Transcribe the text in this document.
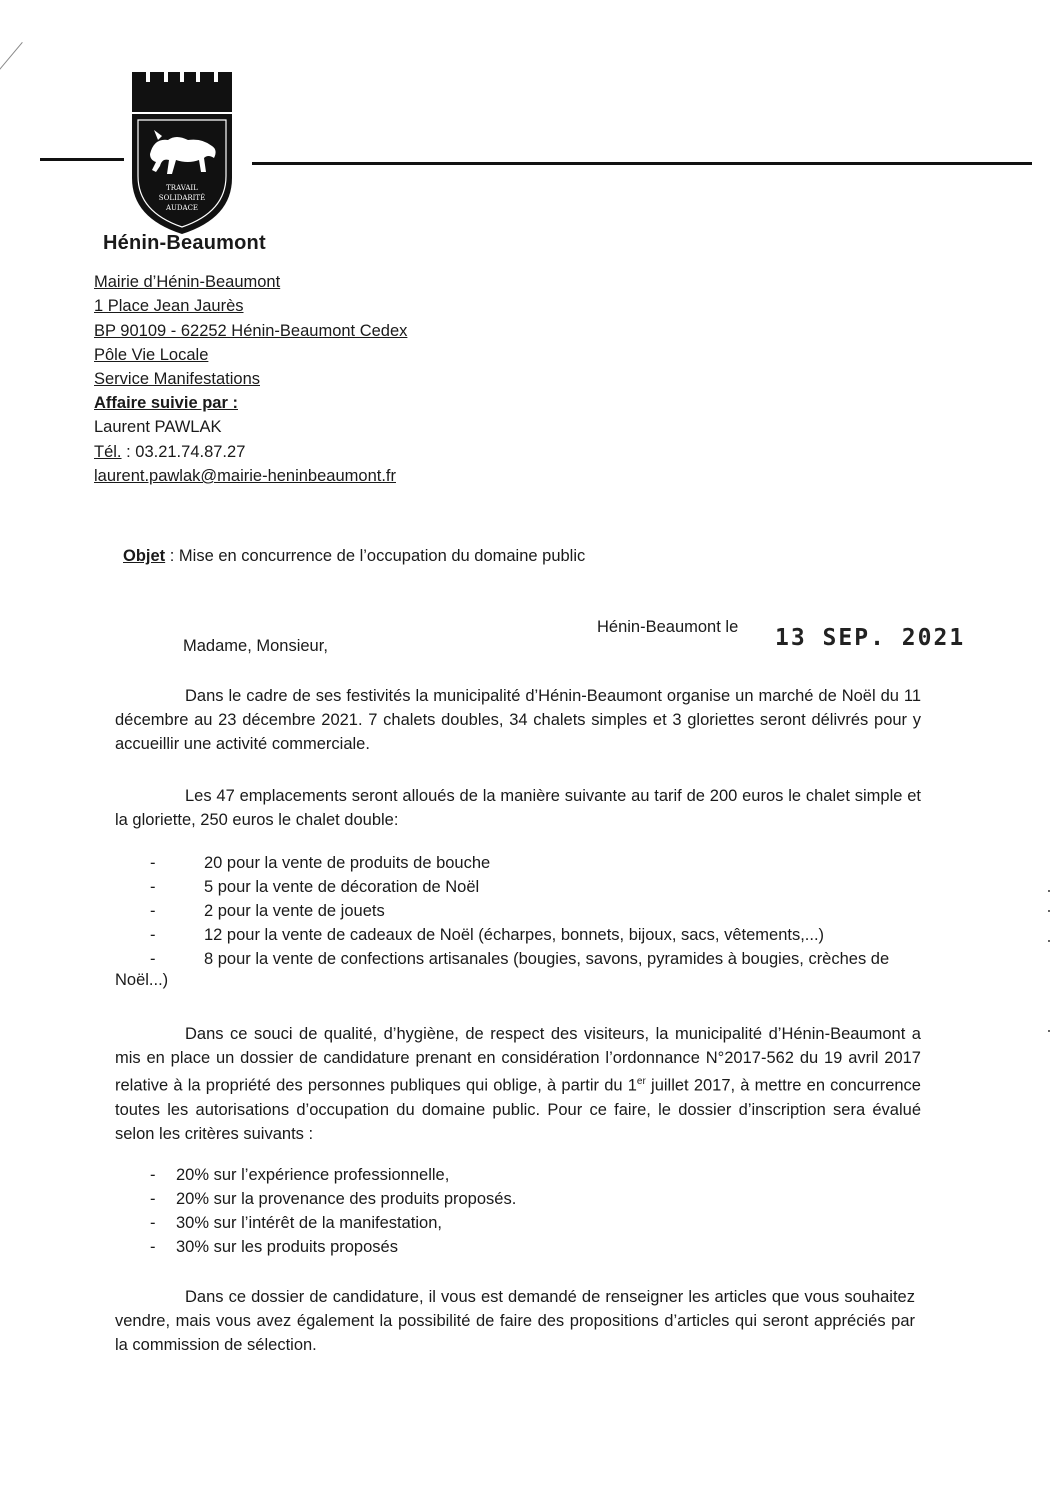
TRAVAIL
SOLIDARITÉ
AUDACE
Hénin-Beaumont
Mairie d’Hénin-Beaumont
1 Place Jean Jaurès
BP 90109 - 62252 Hénin-Beaumont Cedex
Pôle Vie Locale
Service Manifestations
Affaire suivie par :
Laurent PAWLAK
Tél. : 03.21.74.87.27
laurent.pawlak@mairie-heninbeaumont.fr
Objet : Mise en concurrence de l’occupation du domaine public
Hénin-Beaumont le 13 SEP. 2021
Madame, Monsieur,
Dans le cadre de ses festivités la municipalité d’Hénin-Beaumont organise un marché de Noël du 11 décembre au 23 décembre 2021. 7 chalets doubles, 34 chalets simples et 3 gloriettes seront délivrés pour y accueillir une activité commerciale.
Les 47 emplacements seront alloués de la manière suivante au tarif de 200 euros le chalet simple et la gloriette, 250 euros le chalet double:
-	20 pour la vente de produits de bouche
-	5 pour la vente de décoration de Noël
-	2 pour la vente de jouets
-	12 pour la vente de cadeaux de Noël (écharpes, bonnets, bijoux, sacs, vêtements,...)
-	8 pour la vente de confections artisanales (bougies, savons, pyramides à bougies, crèches de
Noël...)
Dans ce souci de qualité, d’hygiène, de respect des visiteurs, la municipalité d’Hénin-Beaumont a mis en place un dossier de candidature prenant en considération l’ordonnance N°2017-562 du 19 avril 2017 relative à la propriété des personnes publiques qui oblige, à partir du 1er juillet 2017, à mettre en concurrence toutes les autorisations d’occupation du domaine public. Pour ce faire, le dossier d’inscription sera évalué selon les critères suivants :
- 20% sur l’expérience professionnelle,
- 20% sur la provenance des produits proposés.
- 30% sur l’intérêt de la manifestation,
- 30% sur les produits proposés
Dans ce dossier de candidature, il vous est demandé de renseigner les articles que vous souhaitez vendre, mais vous avez également la possibilité de faire des propositions d’articles qui seront appréciés par la commission de sélection.
